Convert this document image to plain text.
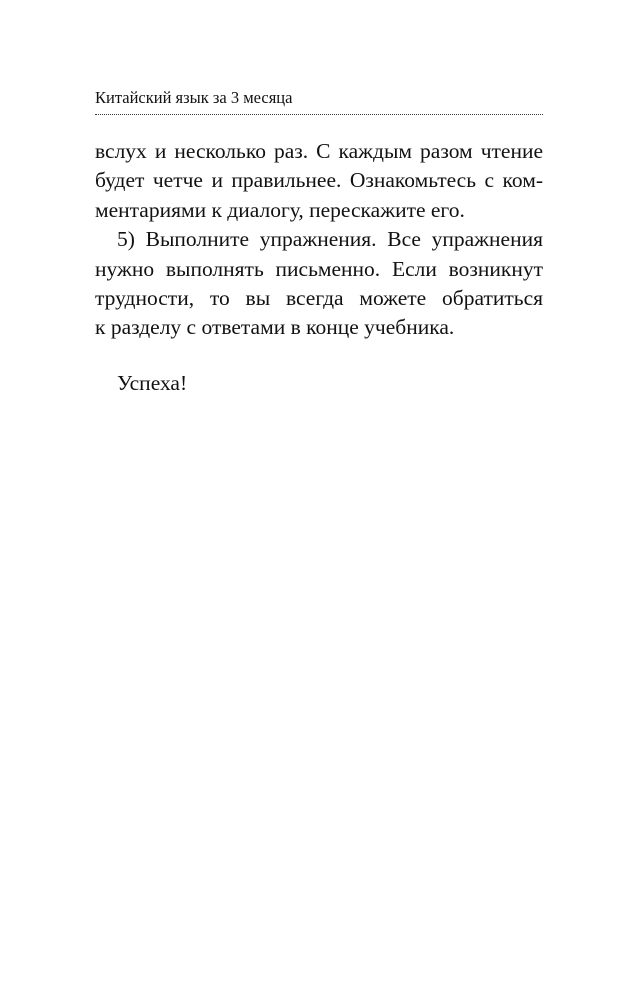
Китайский язык за 3 месяца
вслух и несколько раз. С каждым разом чтение
будет четче и правильнее. Ознакомьтесь с ком-
ментариями к диалогу, перескажите его.
5) Выполните упражнения. Все упражнения
нужно выполнять письменно. Если возникнут
трудности, то вы всегда можете обратиться
к разделу с ответами в конце учебника.
Успеха!
